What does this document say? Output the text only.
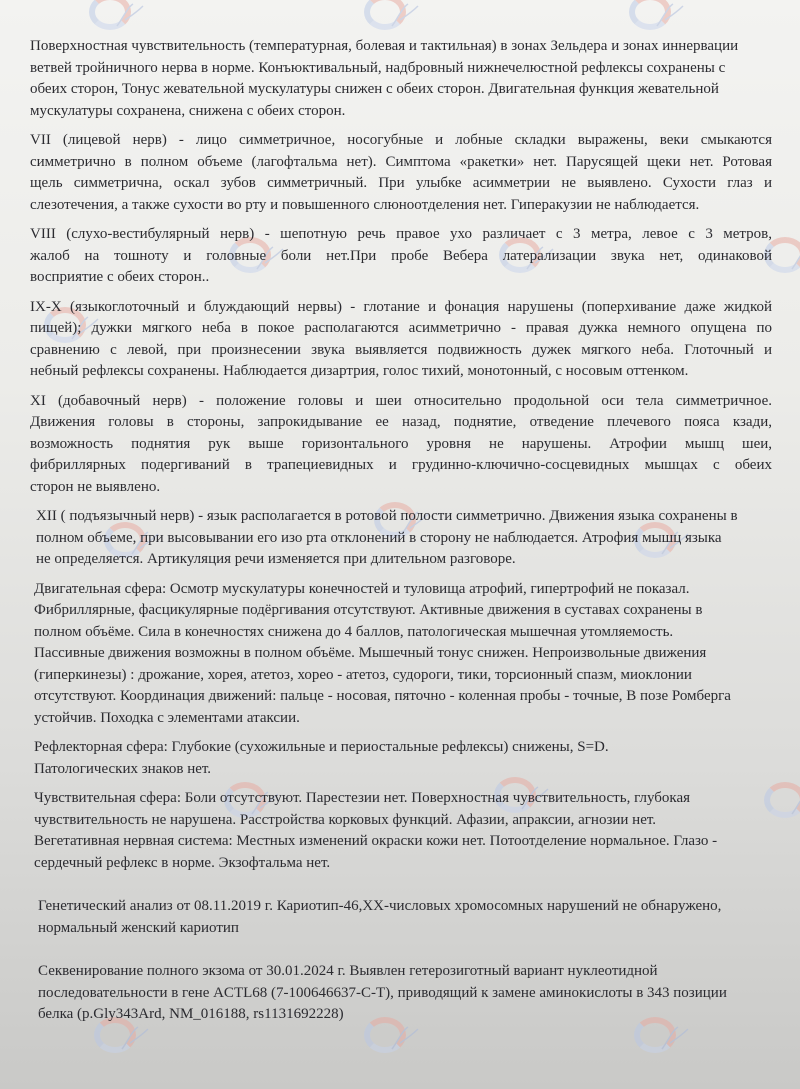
Поверхностная чувствительность (температурная, болевая и тактильная) в зонах Зельдера и зонах иннервации
ветвей тройничного нерва в норме. Конъюктивальный, надбровный нижнечелюстной рефлексы сохранены с
обеих сторон, Тонус жевательной мускулатуры снижен с обеих сторон. Двигательная функция жевательной
мускулатуры сохранена, снижена с обеих сторон.
VII (лицевой нерв) - лицо симметричное, носогубные и лобные складки выражены, веки смыкаются
симметрично в полном объеме (лагофтальма нет). Симптома «ракетки» нет. Парусящей щеки нет. Ротовая
щель симметрична, оскал зубов симметричный. При улыбке асимметрии не выявлено. Сухости глаз и
слезотечения, а также сухости во рту и повышенного слюноотделения нет. Гиперакузии не наблюдается.
VIII (слухо-вестибулярный нерв) - шепотную речь правое ухо различает с 3 метра, левое с 3 метров,
жалоб на тошноту и головные боли нет.При пробе Вебера латерализации звука нет, одинаковой
восприятие с обеих сторон..
IX-X (языкоглоточный и блуждающий нервы) - глотание и фонация нарушены (поперхивание даже жидкой
пищей); дужки мягкого неба в покое располагаются асимметрично - правая дужка немного опущена по
сравнению с левой, при произнесении звука выявляется подвижность дужек мягкого неба. Глоточный и
небный рефлексы сохранены. Наблюдается дизартрия, голос тихий, монотонный, с носовым оттенком.
XI (добавочный нерв) - положение головы и шеи относительно продольной оси тела симметричное.
Движения головы в стороны, запрокидывание ее назад, поднятие, отведение плечевого пояса кзади,
возможность поднятия рук выше горизонтального уровня не нарушены. Атрофии мышц шеи,
фибриллярных подергиваний в трапециевидных и грудинно-ключично-сосцевидных мышцах с обеих
сторон не выявлено.
XII ( подъязычный нерв) - язык располагается в ротовой полости симметрично. Движения языка сохранены в
полном объеме, при высовывании его изо рта отклонений в сторону не наблюдается. Атрофия мышц языка
не определяется. Артикуляция речи изменяется при длительном разговоре.
Двигательная сфера: Осмотр мускулатуры конечностей и туловища атрофий, гипертрофий не показал.
Фибриллярные, фасцикулярные подёргивания отсутствуют. Активные движения в суставах сохранены в
полном объёме. Сила в конечностях снижена до 4 баллов, патологическая мышечная утомляемость.
Пассивные движения возможны в полном объёме. Мышечный тонус снижен. Непроизвольные движения
(гиперкинезы) : дрожание, хорея, атетоз, хорео - атетоз, судороги, тики, торсионный спазм, миоклонии
отсутствуют. Координация движений: пальце - носовая, пяточно - коленная пробы - точные, В позе Ромберга
устойчив. Походка с элементами атаксии.
Рефлекторная сфера: Глубокие (сухожильные и периостальные рефлексы) снижены, S=D.
Патологических знаков нет.
Чувствительная сфера: Боли отсутствуют. Парестезии нет. Поверхностная чувствительность, глубокая
чувствительность не нарушена. Расстройства корковых функций. Афазии, апраксии, агнозии нет.
Вегетативная нервная система: Местных изменений окраски кожи нет. Потоотделение нормальное. Глазо -
сердечный рефлекс в норме. Экзофтальма нет.
Генетический анализ от 08.11.2019 г. Кариотип-46,XX-числовых хромосомных нарушений не обнаружено,
нормальный женский кариотип
Секвенирование полного экзома от 30.01.2024 г. Выявлен гетерозиготный вариант нуклеотидной
последовательности в гене ACTL68 (7-100646637-C-T), приводящий к замене аминокислоты в 343 позиции
белка (p.Gly343Ard, NM_016188, rs1131692228)
